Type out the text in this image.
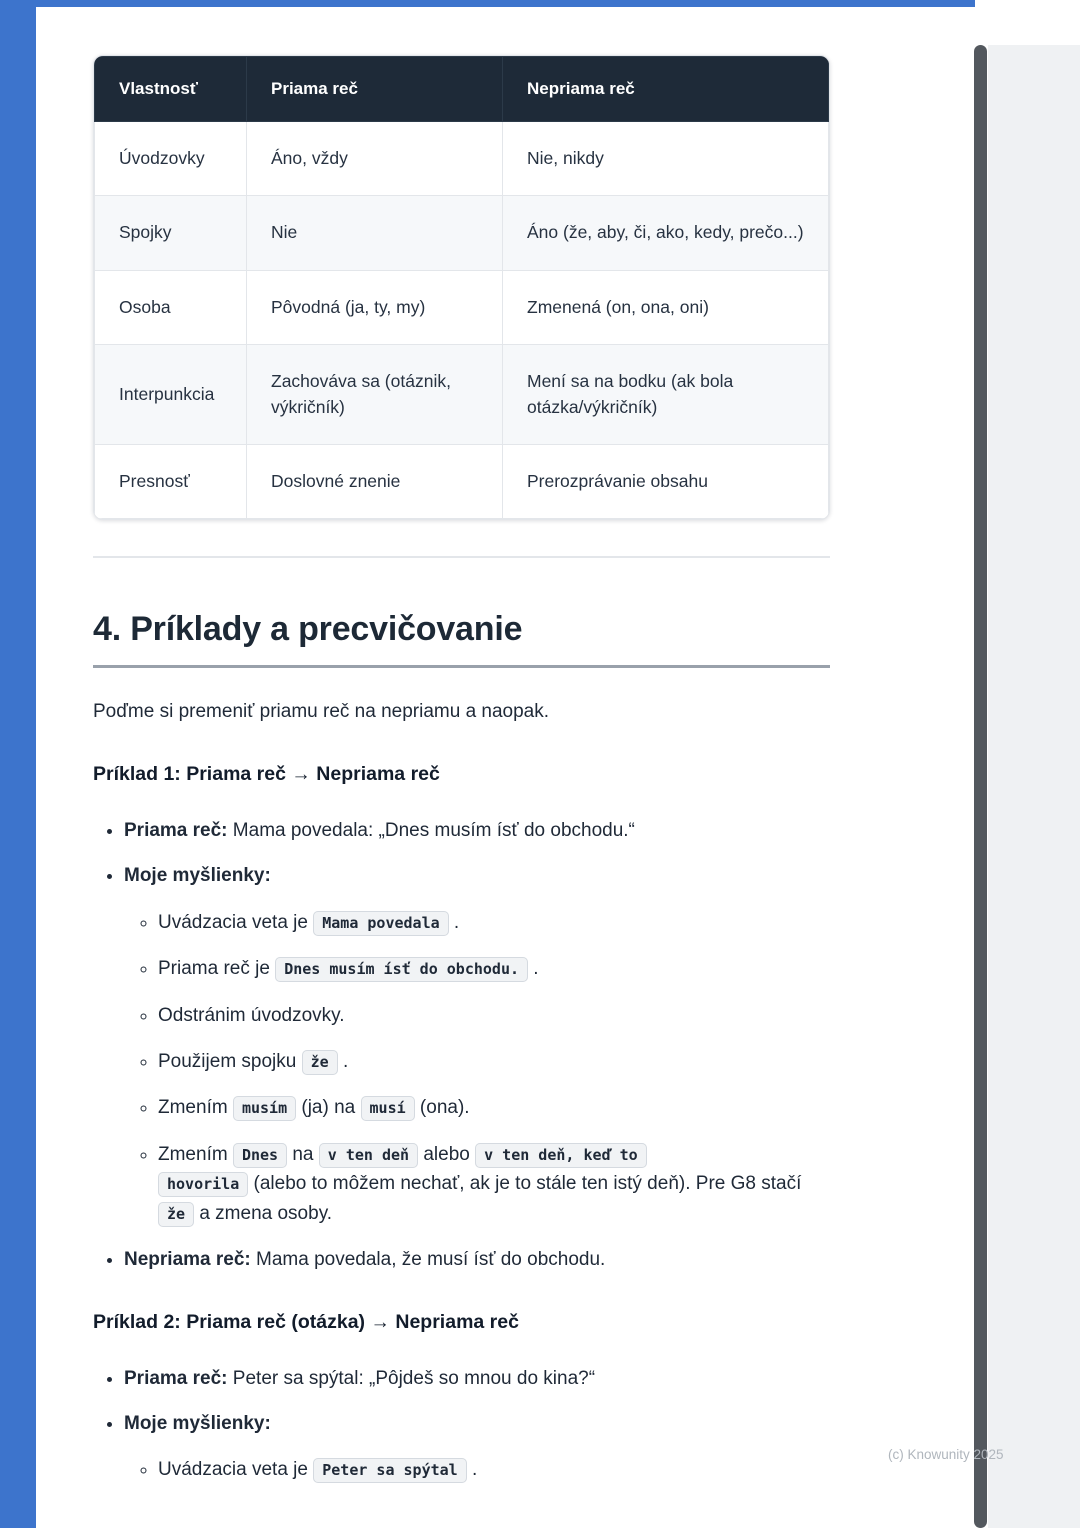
Vlastnosť	Priama reč	Nepriama reč
Úvodzovky	Áno, vždy	Nie, nikdy
Spojky	Nie	Áno (že, aby, či, ako, kedy, prečo...)
Osoba	Pôvodná (ja, ty, my)	Zmenená (on, ona, oni)
Interpunkcia	Zachováva sa (otáznik, výkričník)	Mení sa na bodku (ak bola otázka/výkričník)
Presnosť	Doslovné znenie	Prerozprávanie obsahu
4. Príklady a precvičovanie

Poďme si premeniť priamu reč na nepriamu a naopak.

Príklad 1: Priama reč → Nepriama reč

• Priama reč: Mama povedala: „Dnes musím ísť do obchodu.“
• Moje myšlienky:
◦ Uvádzacia veta je Mama povedala .
◦ Priama reč je Dnes musím ísť do obchodu. .
◦ Odstránim úvodzovky.
◦ Použijem spojku že .
◦ Zmením musím (ja) na musí (ona).
◦ Zmením Dnes na v ten deň alebo v ten deň, keď to
hovorila (alebo to môžem nechať, ak je to stále ten istý deň). Pre G8 stačí že a zmena osoby.
• Nepriama reč: Mama povedala, že musí ísť do obchodu.

Príklad 2: Priama reč (otázka) → Nepriama reč

• Priama reč: Peter sa spýtal: „Pôjdeš so mnou do kina?“
• Moje myšlienky:
◦ Uvádzacia veta je Peter sa spýtal .
(c) Knowunity 2025
